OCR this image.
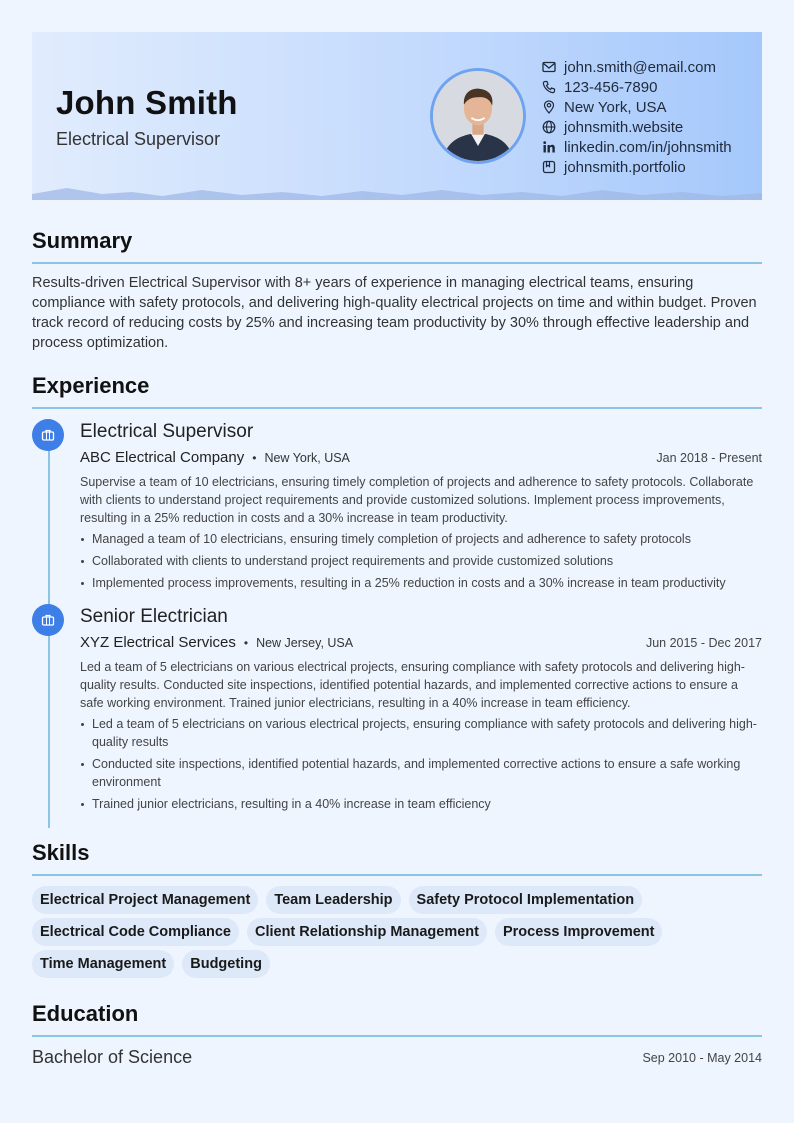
John Smith
Electrical Supervisor
john.smith@email.com
123-456-7890
New York, USA
johnsmith.website
linkedin.com/in/johnsmith
johnsmith.portfolio
Summary

Results-driven Electrical Supervisor with 8+ years of experience in managing electrical teams, ensuring compliance with safety protocols, and delivering high-quality electrical projects on time and within budget. Proven track record of reducing costs by 25% and increasing team productivity by 30% through effective leadership and process optimization.

Experience
Electrical Supervisor
ABC Electrical Company • New York, USA	Jan 2018 - Present

Supervise a team of 10 electricians, ensuring timely completion of projects and adherence to safety protocols. Collaborate with clients to understand project requirements and provide customized solutions. Implement process improvements, resulting in a 25% reduction in costs and a 30% increase in team productivity.

Managed a team of 10 electricians, ensuring timely completion of projects and adherence to safety protocols
Collaborated with clients to understand project requirements and provide customized solutions
Implemented process improvements, resulting in a 25% reduction in costs and a 30% increase in team productivity
Senior Electrician
XYZ Electrical Services • New Jersey, USA	Jun 2015 - Dec 2017

Led a team of 5 electricians on various electrical projects, ensuring compliance with safety protocols and delivering high-quality results. Conducted site inspections, identified potential hazards, and implemented corrective actions to ensure a safe working environment. Trained junior electricians, resulting in a 40% increase in team efficiency.

Led a team of 5 electricians on various electrical projects, ensuring compliance with safety protocols and delivering high-quality results
Conducted site inspections, identified potential hazards, and implemented corrective actions to ensure a safe working environment
Trained junior electricians, resulting in a 40% increase in team efficiency
Skills
Electrical Project Management	Team Leadership	Safety Protocol Implementation
Electrical Code Compliance	Client Relationship Management	Process Improvement
Time Management	Budgeting
Education
Bachelor of Science	Sep 2010 - May 2014
